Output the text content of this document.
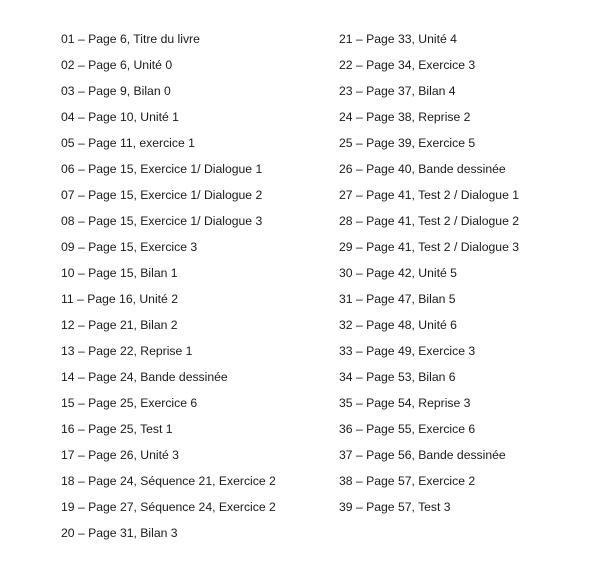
01 – Page 6, Titre du livre
02 – Page 6, Unité 0
03 – Page 9, Bilan 0
04 – Page 10, Unité 1
05 – Page 11, exercice 1
06 – Page 15, Exercice 1/ Dialogue 1
07 – Page 15, Exercice 1/ Dialogue 2
08 – Page 15, Exercice 1/ Dialogue 3
09 – Page 15, Exercice 3
10 – Page 15, Bilan 1
11 – Page 16, Unité 2
12 – Page 21, Bilan 2
13 – Page 22, Reprise 1
14 – Page 24, Bande dessinée
15 – Page 25, Exercice 6
16 – Page 25, Test 1
17 – Page 26, Unité 3
18 – Page 24, Séquence 21, Exercice 2
19 – Page 27, Séquence 24, Exercice 2
20 – Page 31, Bilan 3
21 – Page 33, Unité 4
22 – Page 34, Exercice 3
23 – Page 37, Bilan 4
24 – Page 38, Reprise 2
25 – Page 39, Exercice 5
26 – Page 40, Bande dessinée
27 – Page 41, Test 2 / Dialogue 1
28 – Page 41, Test 2 / Dialogue 2
29 – Page 41, Test 2 / Dialogue 3
30 – Page 42, Unité 5
31 – Page 47, Bilan 5
32 – Page 48, Unité 6
33 – Page 49, Exercice 3
34 – Page 53, Bilan 6
35 – Page 54, Reprise 3
36 – Page 55, Exercice 6
37 – Page 56, Bande dessinée
38 – Page 57, Exercice 2
39 – Page 57, Test 3
